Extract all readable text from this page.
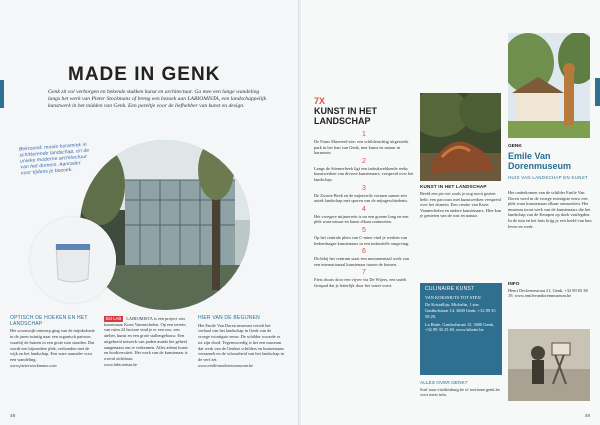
MADE IN GENK

Genk zit vol verborgen en bekende stukken kunst en architectuur. Ga mee een lange wandeling langs het werk van Pieter Stockmans of breng een bezoek aan LABIOMISTA, een landschappelijk kunstwerk in het midden van Genk. Een pareltje voor de liefhebber van kunst en design.

Bekroond: mooie keramiek in schitterende landschap, en de unieke moderne architectuur van het domein. Aanrader voor tijdens je bezoek.
OPTISCH DE HOEKEN EN HET LANDSCHAP
Het woonwijk-ontwerp ging van de mijnkolonie in de jaren twintig naar een organisch patroon waarbij de huizen in een grote tuin stonden. Dat wordt een bijzondere plek, verbonden met de wijk en het landschap. Een ware aanrader voor een wandeling.
www.pieterstockmans.com
BIJ LAB LABIOMISTA is een project van kunstenaar Koen Vanmechelen. Op een terrein van ruim 24 hectare vind je er een zoo, een atelier, kunst en een grote stallengebouw. Een uitgebreid netwerk van paden maakt het geheel aangenaam om te verkennen. Alles ademt kunst en biodiversiteit. Het werk van de kunstenaar is overal zichtbaar.
www.labiomista.be
HIER VAN DE BEGIJNEN
Het Emile Van Doren museum vertelt het verhaal van het landschap in Genk van de vroege twintigste eeuw. De schilder woonde er tot zijn dood. Tegenwoordig is het een museum dat werk van de Genkse schilders en kunstenaars verzamelt en de schoonheid van het landschap in de verf zet.
www.emilevandorenmuseum.be
48	49
7X
KUNST IN HET LANDSCHAP
1
De Frans Masereel-site: een schilderachtig uitgestrekt park in het hart van Genk, met kunst en natuur in harmonie.
2
Langs de Stiemerbeek ligt een indrukwekkende reeks kunstwerken van diverse kunstenaars, verspreid over het landschap.
3
De Zwarte Beek en de mijnterrils vormen samen een uniek landschap met sporen van de mijngeschiedenis.
4
Het vroegere mijnterrein is nu een groene long en een plek waar natuur en kunst elkaar ontmoeten.
5
Op het centrale plein van C-mine vind je werken van hedendaagse kunstenaars in een industriële omgeving.
6
Dichtbij het centrum staat een monumentaal werk van een internationaal kunstenaar tussen de bomen.
7
Fiets dwars door een vijver via De Wijers, een uniek fietspad dat je letterlijk door het water voert.
KUNST IN HET LANDSCHAP
Beeld een pic-nic zoals je nog nooit gezien hebt: een parcours met kunstwerken verspreid over het domein. Een creatie van Koen Vanmechelen en andere kunstenaars. Hier kan je genieten van de rust en natuur.
CULINAIRE KUNST
VAN KOKSMUTS TOT STEN
De Kristallijn, Michelin, 1 ster. Gasthofstraat 14, 3600 Genk, +32 89 35 58 28.
La Botte, Gasthofstraat 15, 3600 Genk, +32 89 30 25 49, www.labotte.be
ALLES OVER GENK?
Surf naar visitlimburg.be of toerisme.genk.be voor meer info.
GENK
Emile Van Dorenmuseum
HUIS VAN LANDSCHAP EN KUNST
Het onderkomen van de schilder Emile Van Doren werd in de vroege twintigste eeuw een plek waar kunstenaars elkaar ontmoetten. Het museum toont werk van de kunstenaars die het landschap van de Kempen op doek vastlegden. In de tuin en het huis krijg je een beeld van hun leven en werk.
INFO
Henri Decleenestraat 21, Genk, +32 89 65 38 19, www.emilevandorenmuseum.be
